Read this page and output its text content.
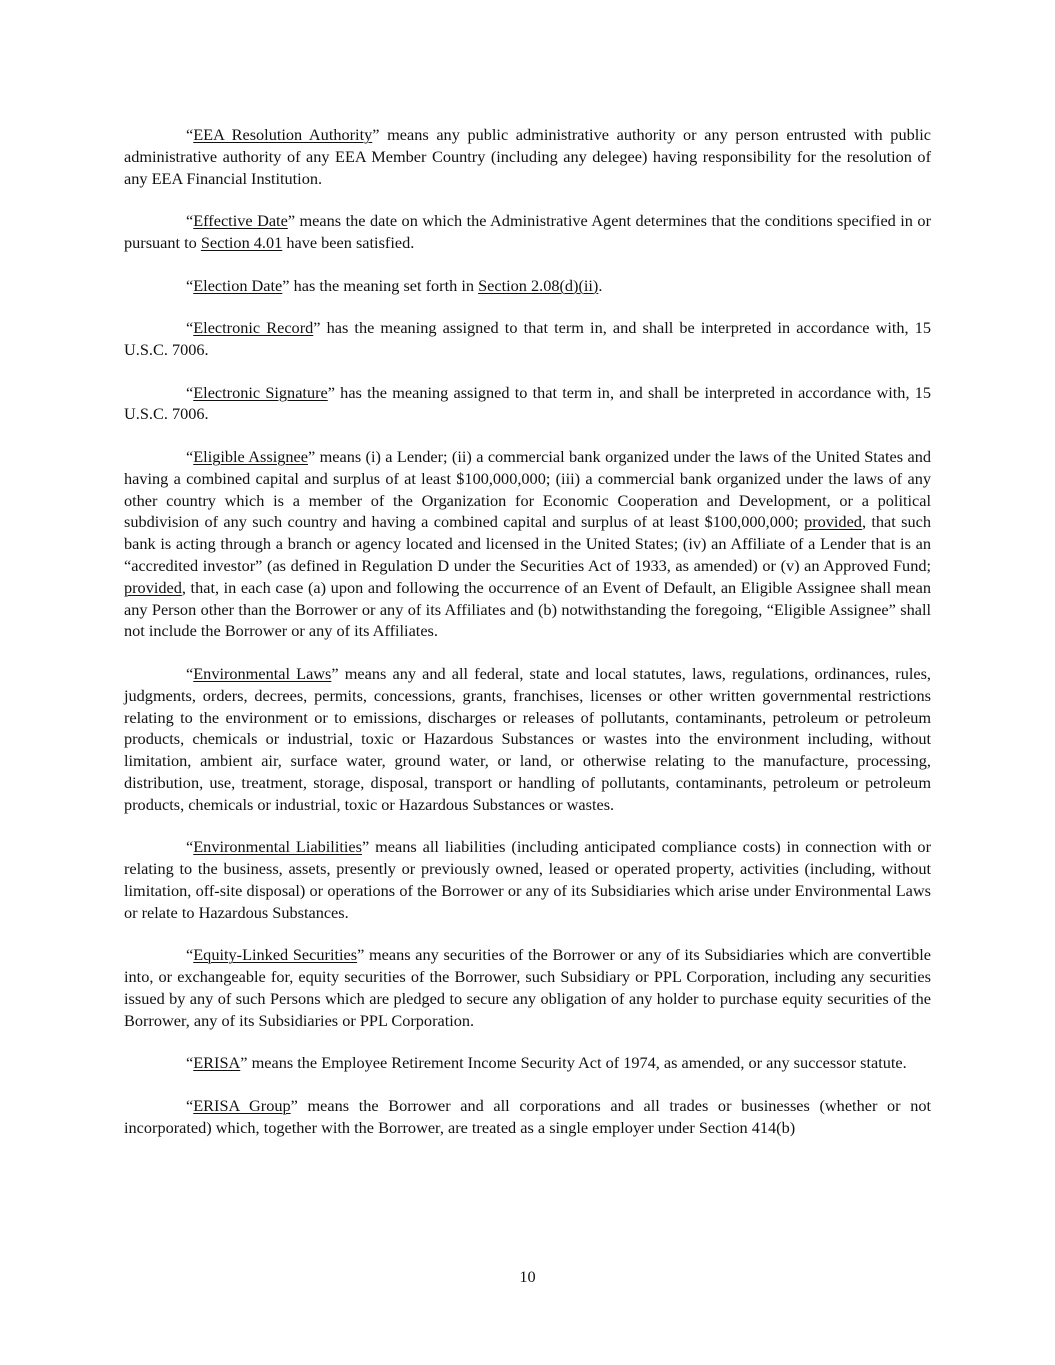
“EEA Resolution Authority” means any public administrative authority or any person entrusted with public administrative authority of any EEA Member Country (including any delegee) having responsibility for the resolution of any EEA Financial Institution.

“Effective Date” means the date on which the Administrative Agent determines that the conditions specified in or pursuant to Section 4.01 have been satisfied.

“Election Date” has the meaning set forth in Section 2.08(d)(ii).

“Electronic Record” has the meaning assigned to that term in, and shall be interpreted in accordance with, 15 U.S.C. 7006.

“Electronic Signature” has the meaning assigned to that term in, and shall be interpreted in accordance with, 15 U.S.C. 7006.

“Eligible Assignee” means (i) a Lender; (ii) a commercial bank organized under the laws of the United States and having a combined capital and surplus of at least $100,000,000; (iii) a commercial bank organized under the laws of any other country which is a member of the Organization for Economic Cooperation and Development, or a political subdivision of any such country and having a combined capital and surplus of at least $100,000,000; provided, that such bank is acting through a branch or agency located and licensed in the United States; (iv) an Affiliate of a Lender that is an “accredited investor” (as defined in Regulation D under the Securities Act of 1933, as amended) or (v) an Approved Fund; provided, that, in each case (a) upon and following the occurrence of an Event of Default, an Eligible Assignee shall mean any Person other than the Borrower or any of its Affiliates and (b) notwithstanding the foregoing, “Eligible Assignee” shall not include the Borrower or any of its Affiliates.

“Environmental Laws” means any and all federal, state and local statutes, laws, regulations, ordinances, rules, judgments, orders, decrees, permits, concessions, grants, franchises, licenses or other written governmental restrictions relating to the environment or to emissions, discharges or releases of pollutants, contaminants, petroleum or petroleum products, chemicals or industrial, toxic or Hazardous Substances or wastes into the environment including, without limitation, ambient air, surface water, ground water, or land, or otherwise relating to the manufacture, processing, distribution, use, treatment, storage, disposal, transport or handling of pollutants, contaminants, petroleum or petroleum products, chemicals or industrial, toxic or Hazardous Substances or wastes.

“Environmental Liabilities” means all liabilities (including anticipated compliance costs) in connection with or relating to the business, assets, presently or previously owned, leased or operated property, activities (including, without limitation, off-site disposal) or operations of the Borrower or any of its Subsidiaries which arise under Environmental Laws or relate to Hazardous Substances.

“Equity-Linked Securities” means any securities of the Borrower or any of its Subsidiaries which are convertible into, or exchangeable for, equity securities of the Borrower, such Subsidiary or PPL Corporation, including any securities issued by any of such Persons which are pledged to secure any obligation of any holder to purchase equity securities of the Borrower, any of its Subsidiaries or PPL Corporation.

“ERISA” means the Employee Retirement Income Security Act of 1974, as amended, or any successor statute.

“ERISA Group” means the Borrower and all corporations and all trades or businesses (whether or not incorporated) which, together with the Borrower, are treated as a single employer under Section 414(b)

10
